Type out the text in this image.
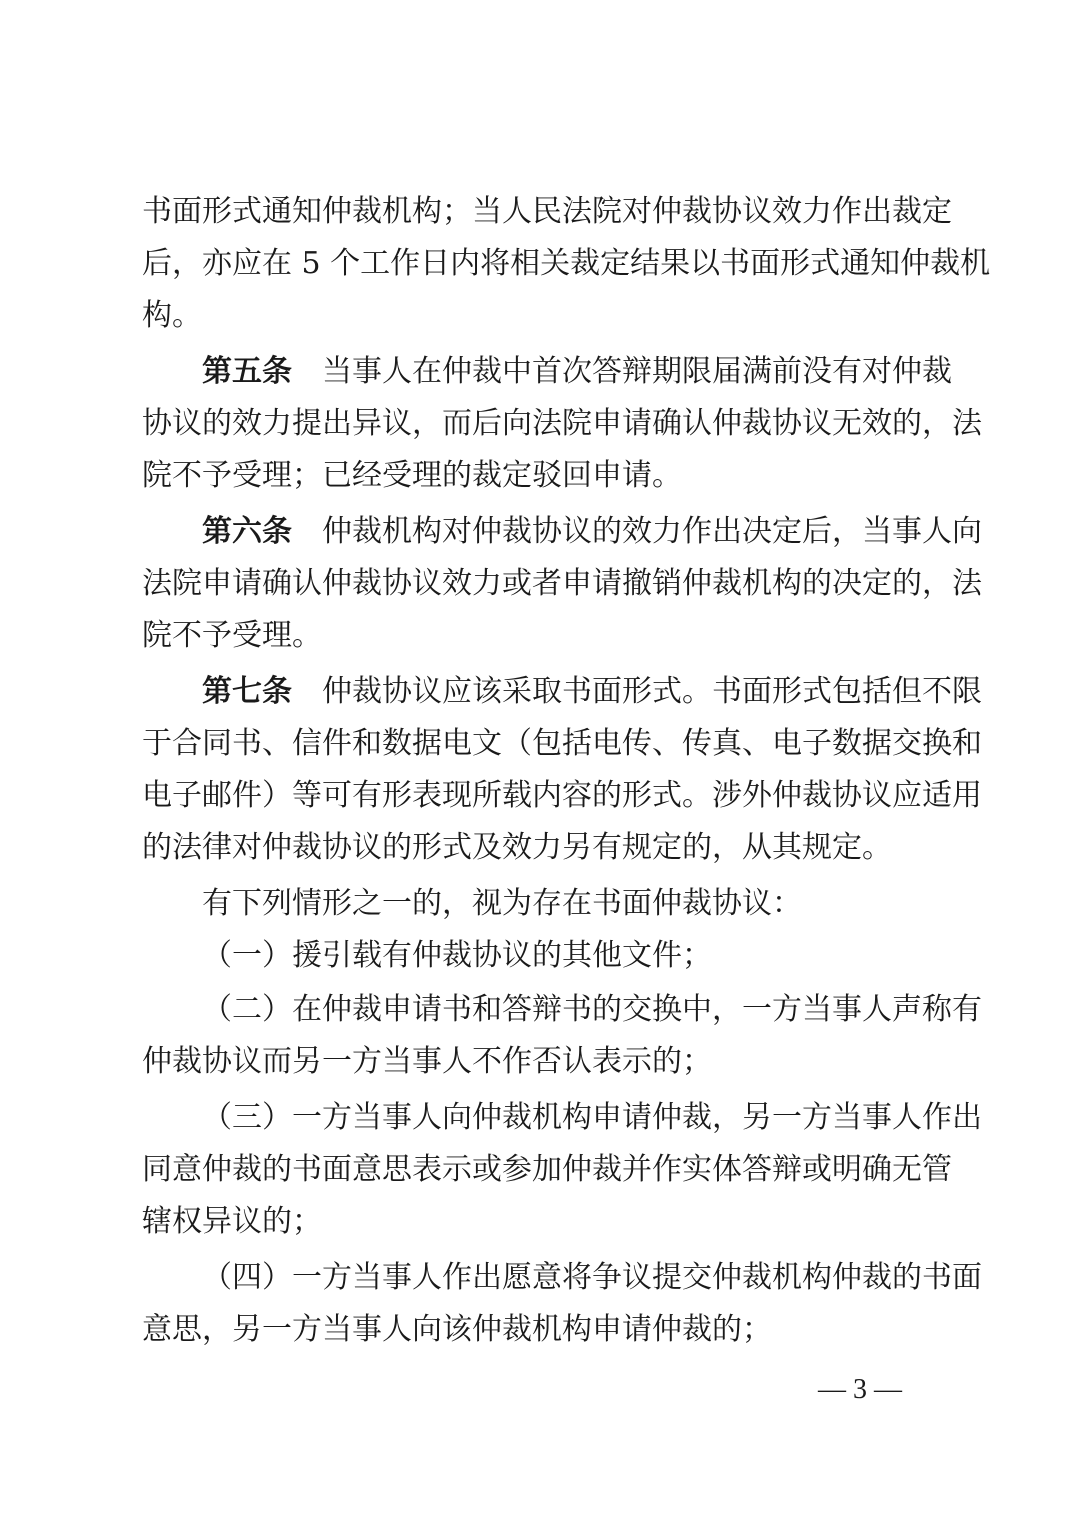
书面形式通知仲裁机构；当人民法院对仲裁协议效力作出裁定
后，亦应在 5 个工作日内将相关裁定结果以书面形式通知仲裁机
构。
第五条 当事人在仲裁中首次答辩期限届满前没有对仲裁
协议的效力提出异议，而后向法院申请确认仲裁协议无效的，法
院不予受理；已经受理的裁定驳回申请。
第六条 仲裁机构对仲裁协议的效力作出决定后，当事人向
法院申请确认仲裁协议效力或者申请撤销仲裁机构的决定的，法
院不予受理。
第七条 仲裁协议应该采取书面形式。书面形式包括但不限
于合同书、信件和数据电文（包括电传、传真、电子数据交换和
电子邮件）等可有形表现所载内容的形式。涉外仲裁协议应适用
的法律对仲裁协议的形式及效力另有规定的，从其规定。
有下列情形之一的，视为存在书面仲裁协议：
（一）援引载有仲裁协议的其他文件；
（二）在仲裁申请书和答辩书的交换中，一方当事人声称有
仲裁协议而另一方当事人不作否认表示的；
（三）一方当事人向仲裁机构申请仲裁，另一方当事人作出
同意仲裁的书面意思表示或参加仲裁并作实体答辩或明确无管
辖权异议的；
（四）一方当事人作出愿意将争议提交仲裁机构仲裁的书面
意思，另一方当事人向该仲裁机构申请仲裁的；
— 3 —
